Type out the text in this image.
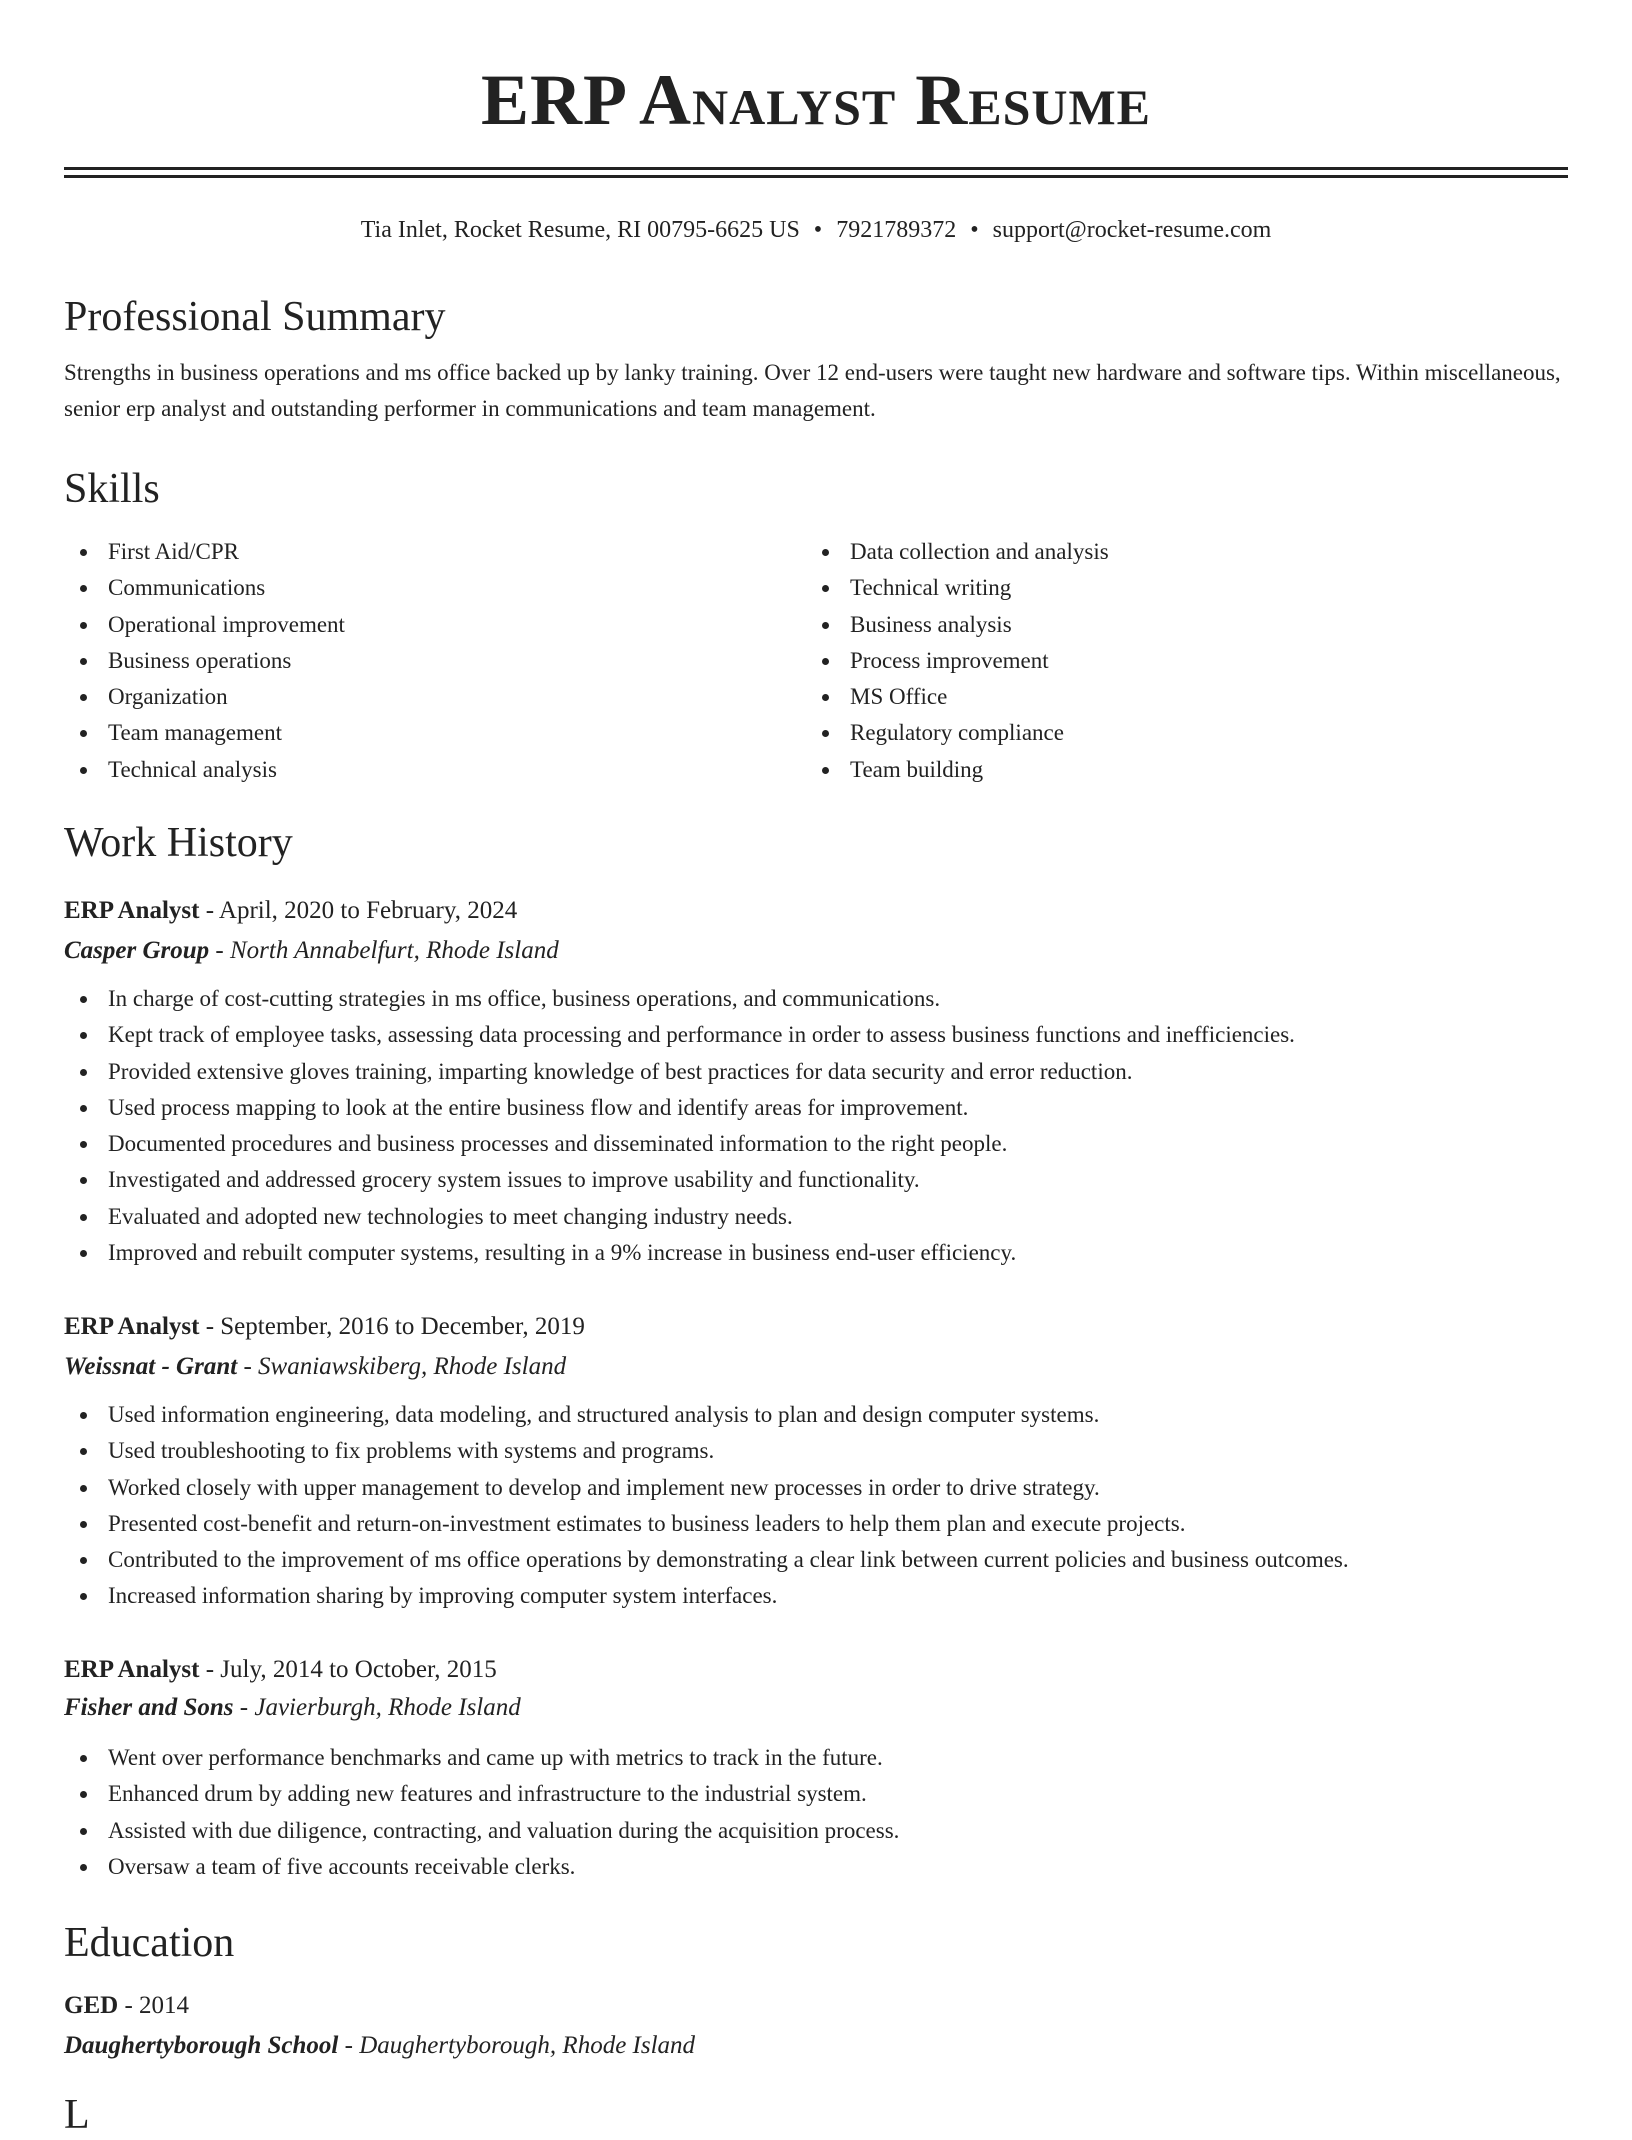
ERP Analyst Resume
Tia Inlet, Rocket Resume, RI 00795-6625 US • 7921789372 • support@rocket-resume.com
Professional Summary

Strengths in business operations and ms office backed up by lanky training. Over 12 end-users were taught new hardware and software tips. Within miscellaneous, senior erp analyst and outstanding performer in communications and team management.

Skills
First Aid/CPR
Communications
Operational improvement
Business operations
Organization
Team management
Technical analysis
Data collection and analysis
Technical writing
Business analysis
Process improvement
MS Office
Regulatory compliance
Team building
Work History
ERP Analyst - April, 2020 to February, 2024
Casper Group - North Annabelfurt, Rhode Island
In charge of cost-cutting strategies in ms office, business operations, and communications.
Kept track of employee tasks, assessing data processing and performance in order to assess business functions and inefficiencies.
Provided extensive gloves training, imparting knowledge of best practices for data security and error reduction.
Used process mapping to look at the entire business flow and identify areas for improvement.
Documented procedures and business processes and disseminated information to the right people.
Investigated and addressed grocery system issues to improve usability and functionality.
Evaluated and adopted new technologies to meet changing industry needs.
Improved and rebuilt computer systems, resulting in a 9% increase in business end-user efficiency.
ERP Analyst - September, 2016 to December, 2019
Weissnat - Grant - Swaniawskiberg, Rhode Island
Used information engineering, data modeling, and structured analysis to plan and design computer systems.
Used troubleshooting to fix problems with systems and programs.
Worked closely with upper management to develop and implement new processes in order to drive strategy.
Presented cost-benefit and return-on-investment estimates to business leaders to help them plan and execute projects.
Contributed to the improvement of ms office operations by demonstrating a clear link between current policies and business outcomes.
Increased information sharing by improving computer system interfaces.
ERP Analyst - July, 2014 to October, 2015
Fisher and Sons - Javierburgh, Rhode Island
Went over performance benchmarks and came up with metrics to track in the future.
Enhanced drum by adding new features and infrastructure to the industrial system.
Assisted with due diligence, contracting, and valuation during the acquisition process.
Oversaw a team of five accounts receivable clerks.
Education
GED - 2014
Daughertyborough School - Daughertyborough, Rhode Island
L
